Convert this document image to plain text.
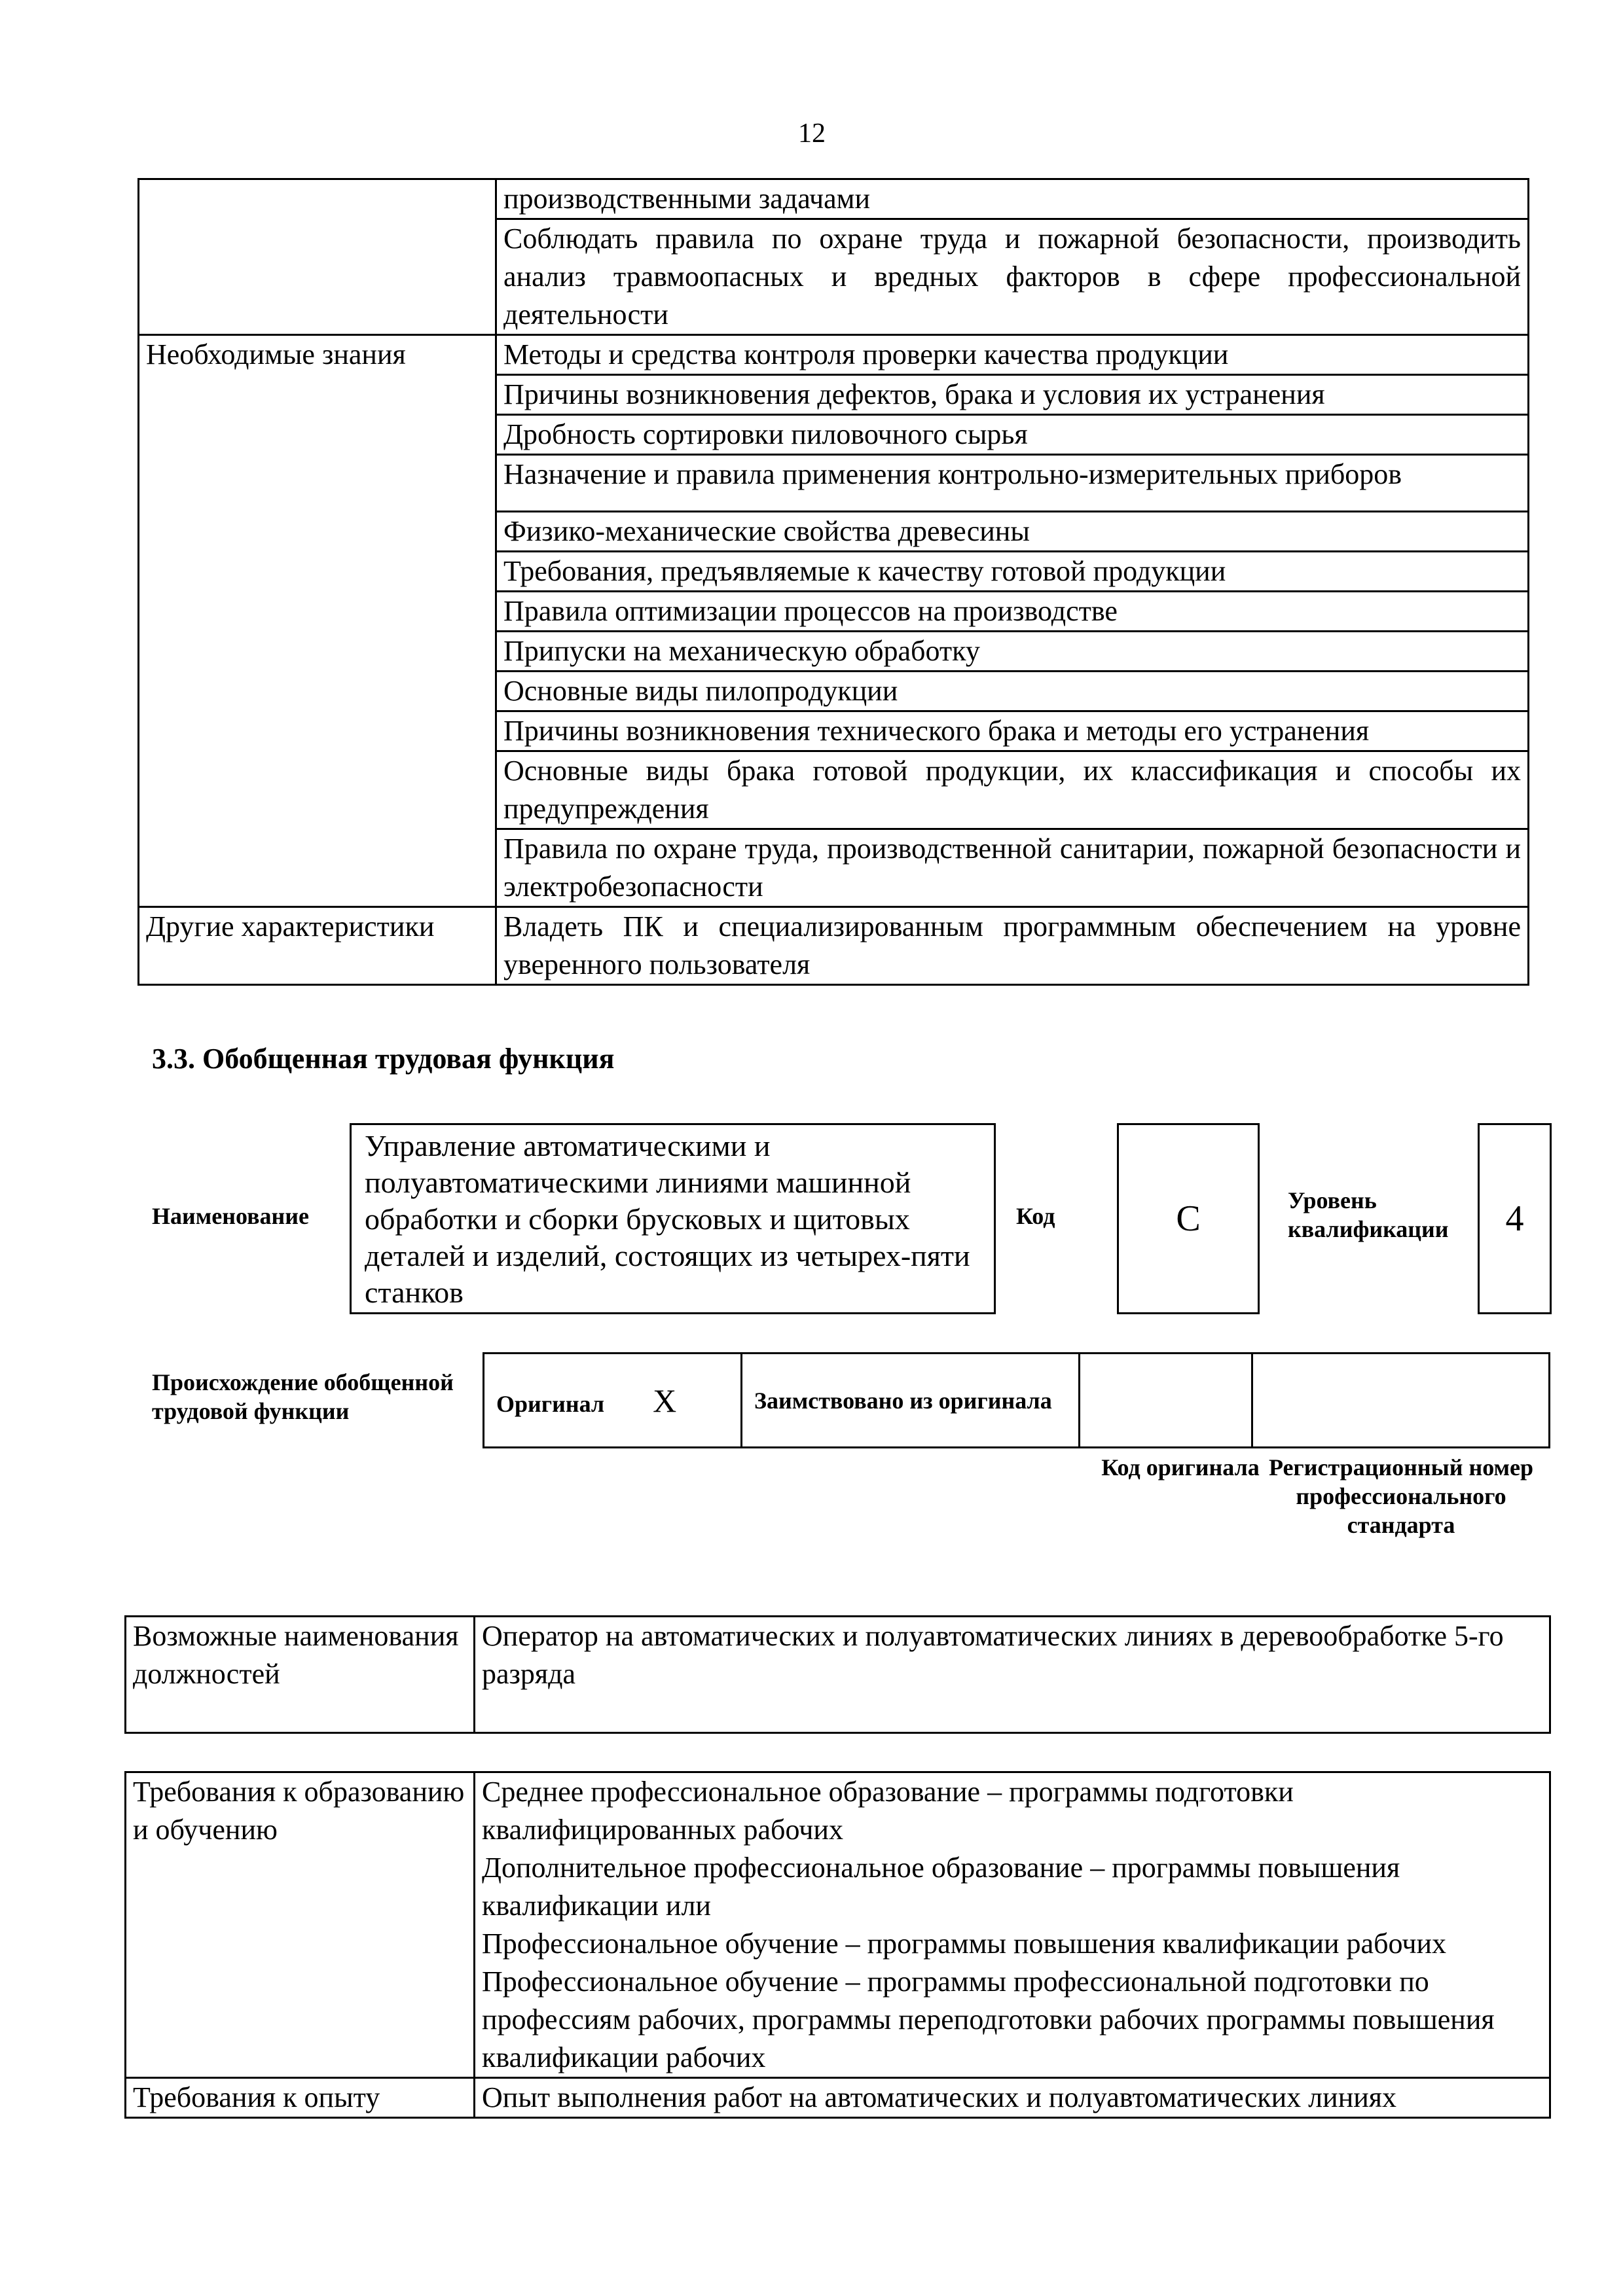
12
	производственными задачами
	Соблюдать правила по охране труда и пожарной безопасности, производить анализ травмоопасных и вредных факторов в сфере профессиональной деятельности
Необходимые знания	Методы и средства контроля проверки качества продукции
	Причины возникновения дефектов, брака и условия их устранения
	Дробность сортировки пиловочного сырья
	Назначение и правила применения контрольно-измерительных приборов
	Физико-механические свойства древесины
	Требования, предъявляемые к качеству готовой продукции
	Правила оптимизации процессов на производстве
	Припуски на механическую обработку
	Основные виды пилопродукции
	Причины возникновения технического брака и методы его устранения
	Основные виды брака готовой продукции, их классификация и способы их предупреждения
	Правила по охране труда, производственной санитарии, пожарной безопасности и электробезопасности
Другие характеристики	Владеть ПК и специализированным программным обеспечением на уровне уверенного пользователя
3.3. Обобщенная трудовая функция
Наименование
Управление автоматическими и полуавтоматическими линиями машинной обработки и сборки брусковых и щитовых деталей и изделий, состоящих из четырех-пяти станков
Код	С	Уровень квалификации	4
Происхождение обобщенной трудовой функции	Оригинал Х	Заимствовано из оригинала		
Код оригинала Регистрационный номер профессионального стандарта
Возможные наименования должностей	Оператор на автоматических и полуавтоматических линиях в деревообработке 5-го разряда
Требования к образованию и обучению	Среднее профессиональное образование – программы подготовки квалифицированных рабочих
Дополнительное профессиональное образование – программы повышения квалификации или
Профессиональное обучение – программы повышения квалификации рабочих
Профессиональное обучение – программы профессиональной подготовки по профессиям рабочих, программы переподготовки рабочих программы повышения квалификации рабочих

Требования к опыту	Опыт выполнения работ на автоматических и полуавтоматических линиях
